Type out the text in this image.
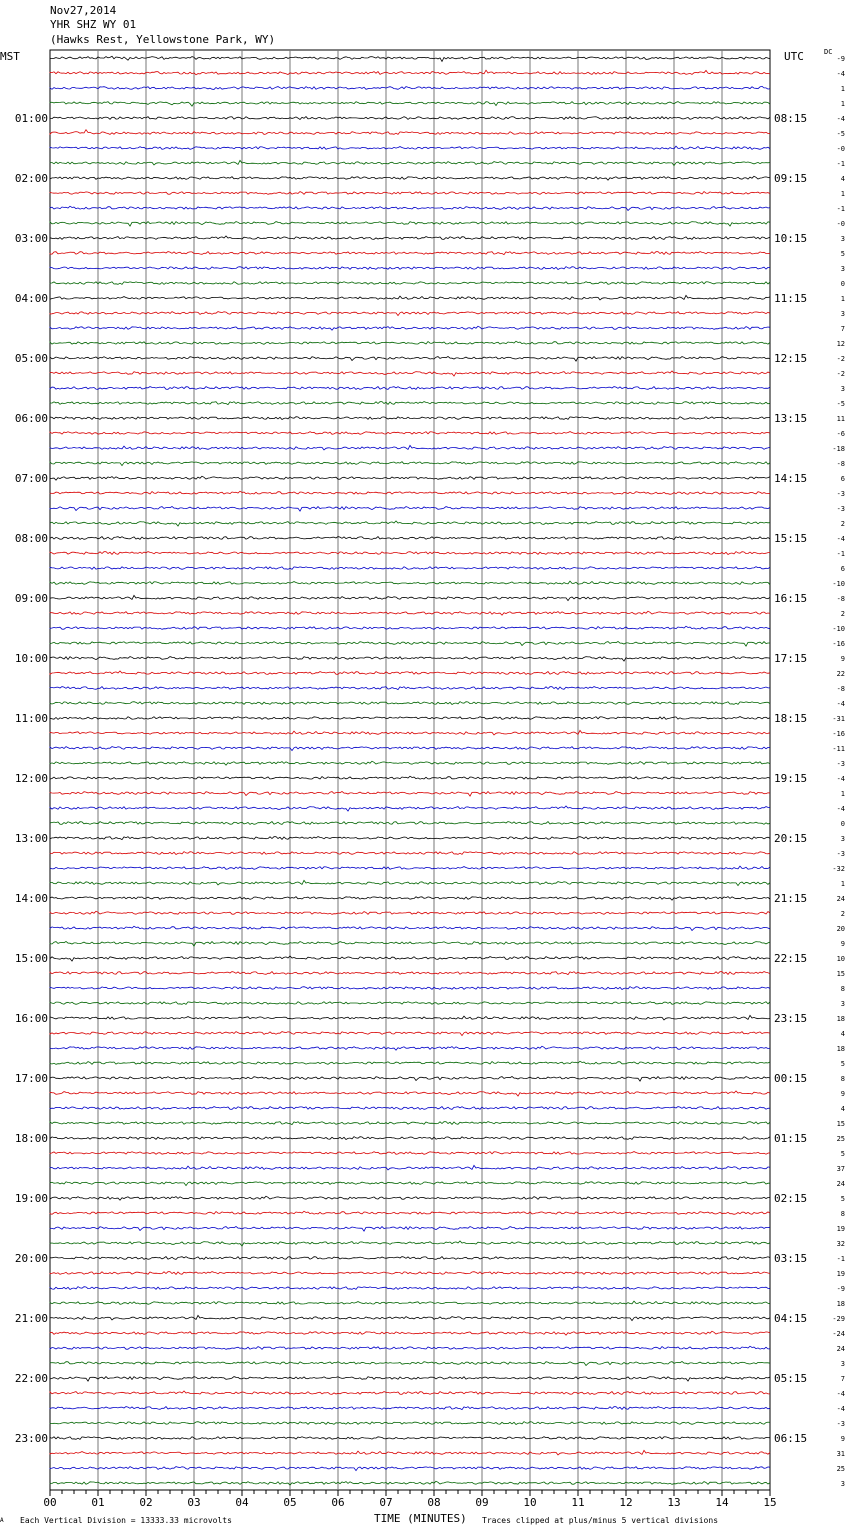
Nov27,2014
YHR SHZ WY 01
(Hawks Rest, Yellowstone Park, WY)
MST	UTC	DC
01:00
02:00
03:00
04:00
05:00
06:00
07:00
08:00
09:00
10:00
11:00
12:00
13:00
14:00
15:00
16:00
17:00
18:00
19:00
20:00
21:00
22:00
23:00
08:15
09:15
10:15
11:15
12:15
13:15
14:15
15:15
16:15
17:15
18:15
19:15
20:15
21:15
22:15
23:15
00:15
01:15
02:15
03:15
04:15
05:15
06:15
-9
-4
1
1
-4
-5
-0
-1
4
1
-1
-0
3
5
3
0
1
3
7
12
-2
-2
3
-5
11
-6
-18
-8
6
-3
-3
2
-4
-1
6
-10
-8
2
-10
-16
9
22
-8
-4
-31
-16
-11
-3
-4
1
-4
0
3
-3
-32
1
24
2
20
9
10
15
8
3
18
4
18
5
8
9
4
15
25
5
37
24
5
8
19
32
-1
19
-9
18
-29
-24
24
3
7
-4
-4
-3
9
31
25
3
00	01	02	03	04	05	06	07	08	09	10	11	12	13	14	15
A Each Vertical Division = 13333.33 microvolts	TIME (MINUTES) Traces clipped at plus/minus 5 vertical divisions
